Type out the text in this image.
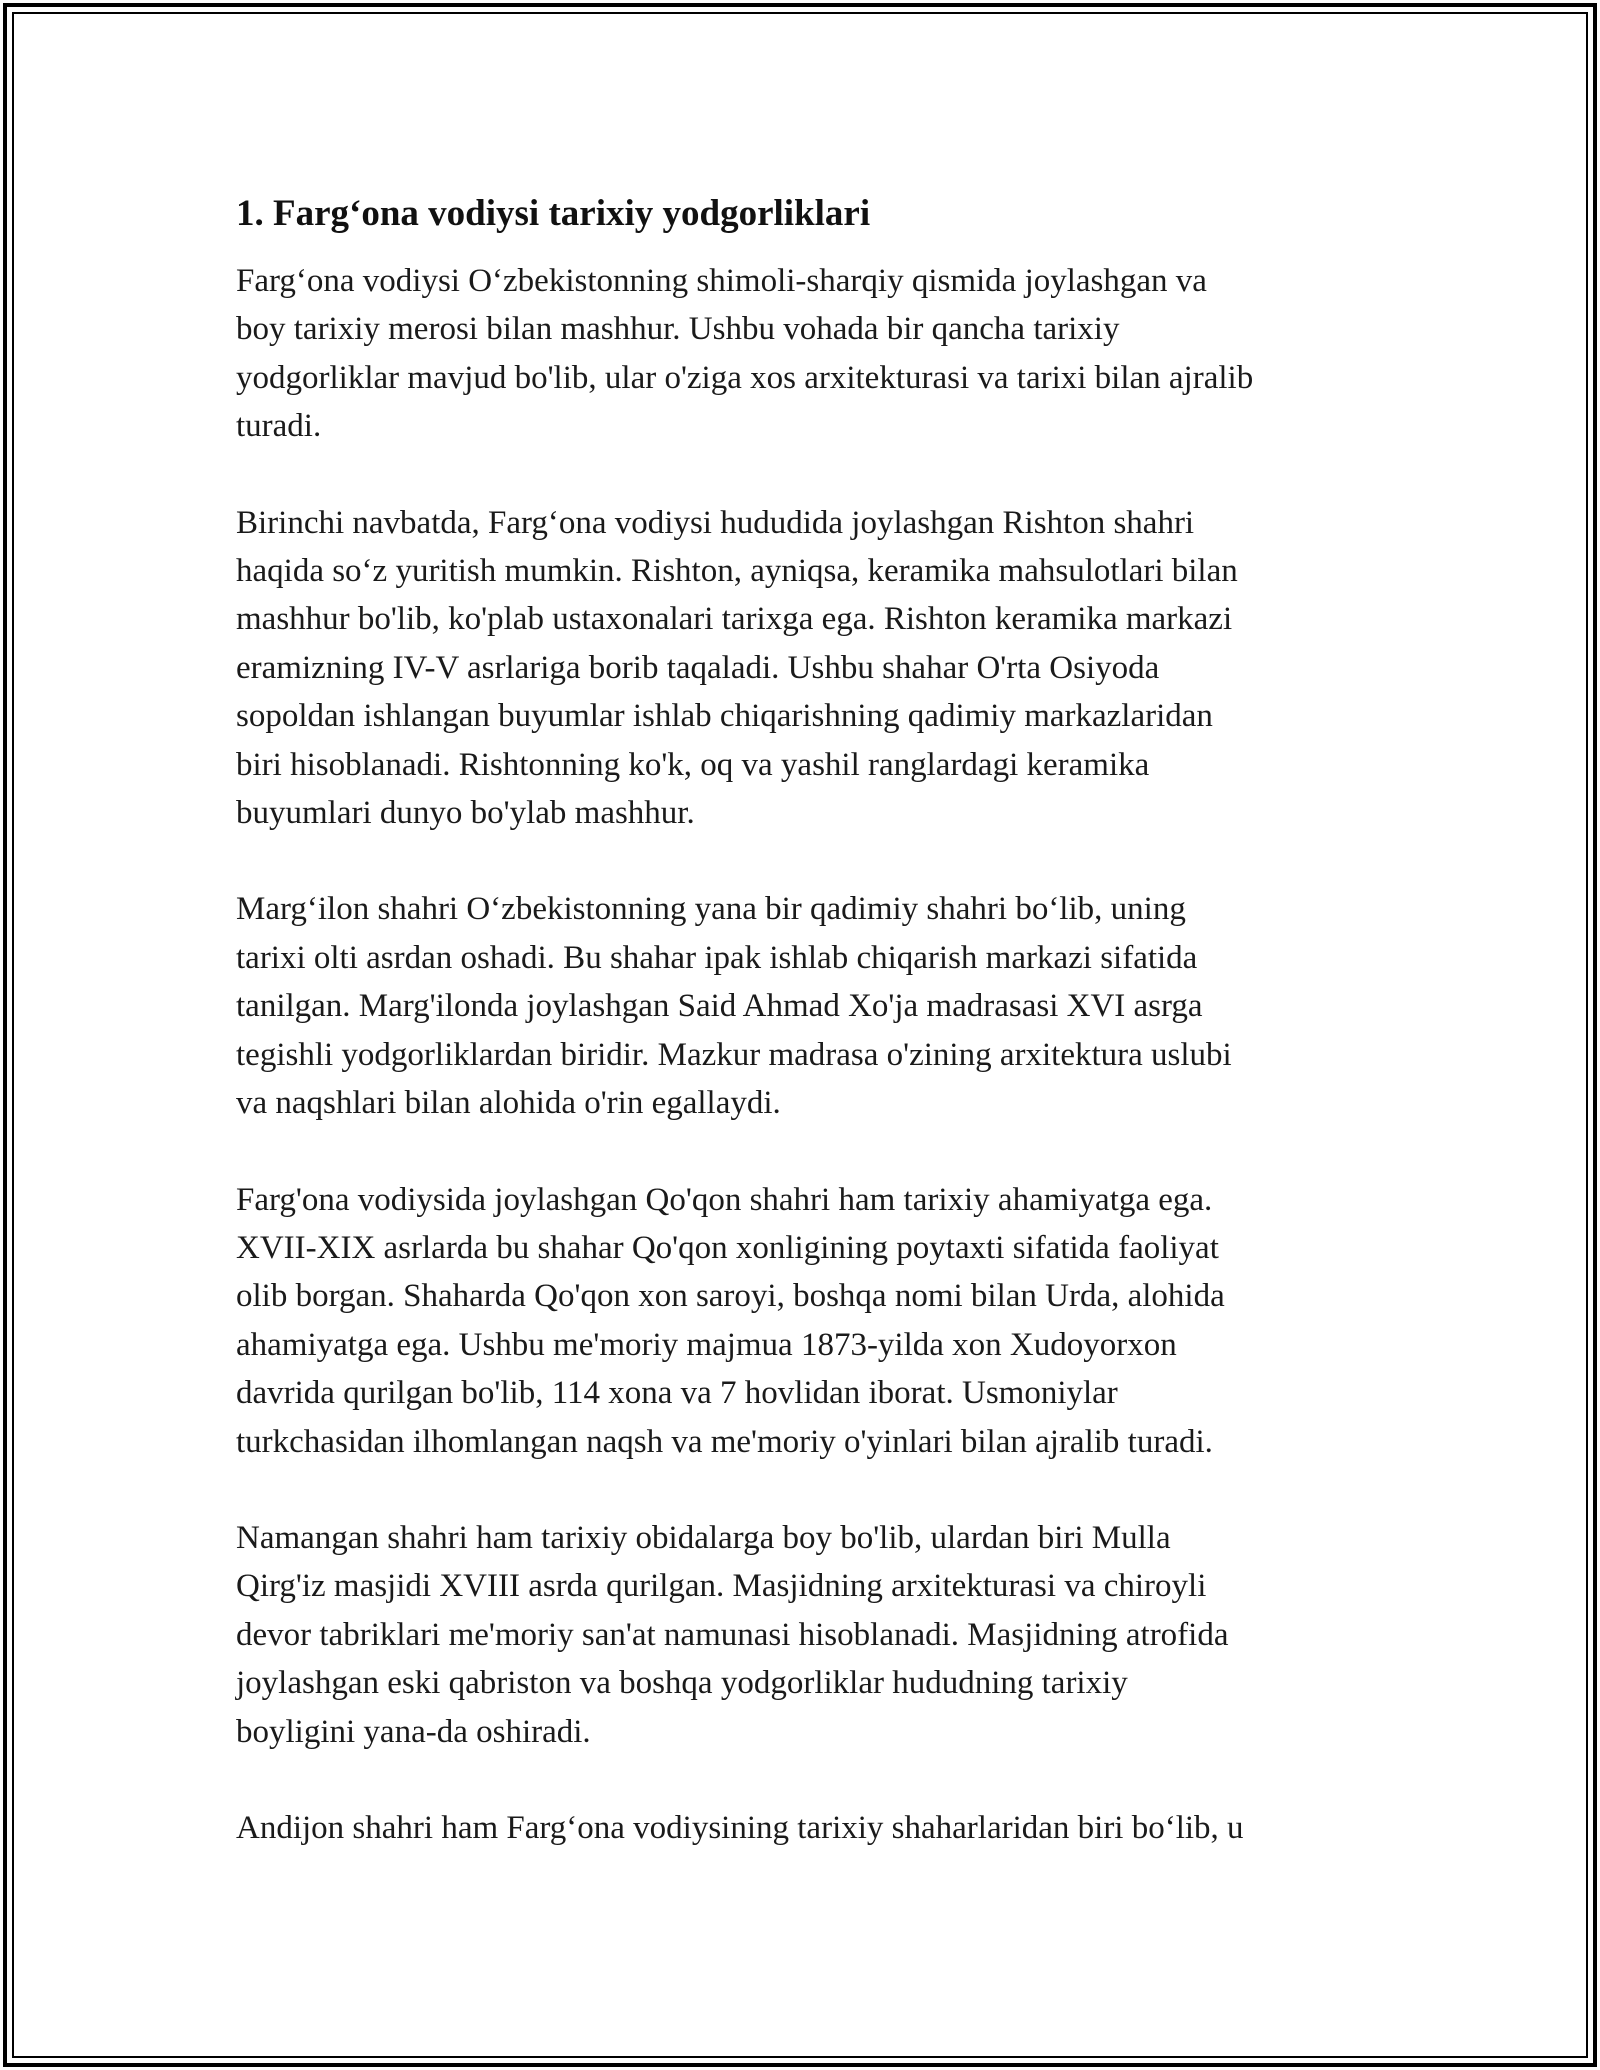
1. Farg‘ona vodiysi tarixiy yodgorliklari

Farg‘ona vodiysi O‘zbekistonning shimoli-sharqiy qismida joylashgan va
boy tarixiy merosi bilan mashhur. Ushbu vohada bir qancha tarixiy
yodgorliklar mavjud bo'lib, ular o'ziga xos arxitekturasi va tarixi bilan ajralib
turadi.

Birinchi navbatda, Farg‘ona vodiysi hududida joylashgan Rishton shahri
haqida so‘z yuritish mumkin. Rishton, ayniqsa, keramika mahsulotlari bilan
mashhur bo'lib, ko'plab ustaxonalari tarixga ega. Rishton keramika markazi
eramizning IV-V asrlariga borib taqaladi. Ushbu shahar O'rta Osiyoda
sopoldan ishlangan buyumlar ishlab chiqarishning qadimiy markazlaridan
biri hisoblanadi. Rishtonning ko'k, oq va yashil ranglardagi keramika
buyumlari dunyo bo'ylab mashhur.

Marg‘ilon shahri O‘zbekistonning yana bir qadimiy shahri bo‘lib, uning
tarixi olti asrdan oshadi. Bu shahar ipak ishlab chiqarish markazi sifatida
tanilgan. Marg'ilonda joylashgan Said Ahmad Xo'ja madrasasi XVI asrga
tegishli yodgorliklardan biridir. Mazkur madrasa o'zining arxitektura uslubi
va naqshlari bilan alohida o'rin egallaydi.

Farg'ona vodiysida joylashgan Qo'qon shahri ham tarixiy ahamiyatga ega.
XVII-XIX asrlarda bu shahar Qo'qon xonligining poytaxti sifatida faoliyat
olib borgan. Shaharda Qo'qon xon saroyi, boshqa nomi bilan Urda, alohida
ahamiyatga ega. Ushbu me'moriy majmua 1873-yilda xon Xudoyorxon
davrida qurilgan bo'lib, 114 xona va 7 hovlidan iborat. Usmoniylar
turkchasidan ilhomlangan naqsh va me'moriy o'yinlari bilan ajralib turadi.

Namangan shahri ham tarixiy obidalarga boy bo'lib, ulardan biri Mulla
Qirg'iz masjidi XVIII asrda qurilgan. Masjidning arxitekturasi va chiroyli
devor tabriklari me'moriy san'at namunasi hisoblanadi. Masjidning atrofida
joylashgan eski qabriston va boshqa yodgorliklar hududning tarixiy
boyligini yana-da oshiradi.

Andijon shahri ham Farg‘ona vodiysining tarixiy shaharlaridan biri bo‘lib, u
